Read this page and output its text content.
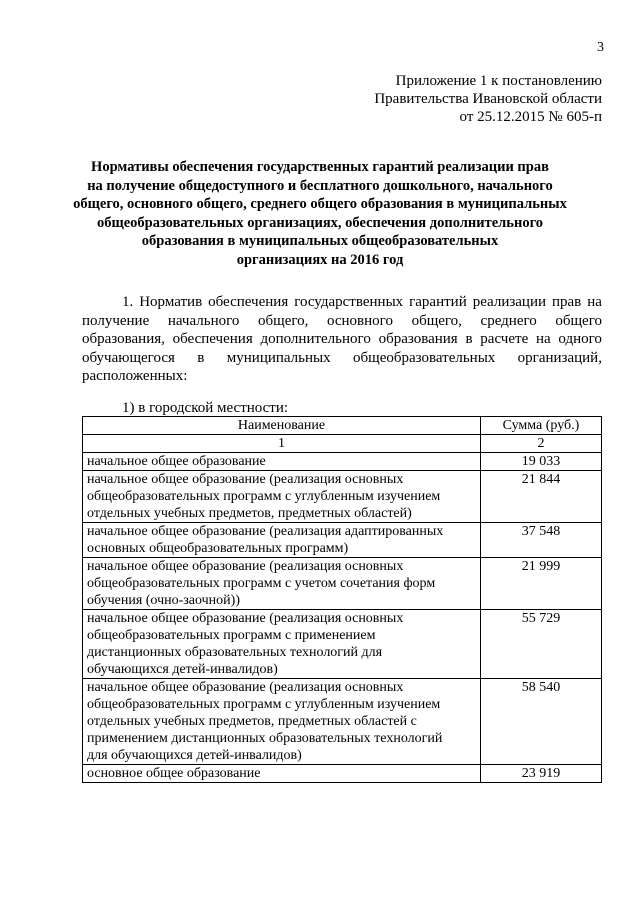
3
Приложение 1 к постановлению
Правительства Ивановской области
от 25.12.2015 № 605-п
Нормативы обеспечения государственных гарантий реализации прав
на получение общедоступного и бесплатного дошкольного, начального
общего, основного общего, среднего общего образования в муниципальных
общеобразовательных организациях, обеспечения дополнительного
образования в муниципальных общеобразовательных
организациях на 2016 год
1. Норматив обеспечения государственных гарантий реализации прав на
получение начального общего, основного общего, среднего общего
образования, обеспечения дополнительного образования в расчете на одного
обучающегося в муниципальных общеобразовательных организаций,
расположенных:
1) в городской местности:
Наименование	Сумма (руб.)
1	2

начальное общее образование	19 033

начальное общее образование (реализация основных
общеобразовательных программ с углубленным изучением
отдельных учебных предметов, предметных областей)	21 844

начальное общее образование (реализация адаптированных
основных общеобразовательных программ)	37 548

начальное общее образование (реализация основных
общеобразовательных программ с учетом сочетания форм
обучения (очно-заочной))	21 999

начальное общее образование (реализация основных
общеобразовательных программ с применением
дистанционных образовательных технологий для
обучающихся детей-инвалидов)	55 729

начальное общее образование (реализация основных
общеобразовательных программ с углубленным изучением
отдельных учебных предметов, предметных областей с
применением дистанционных образовательных технологий
для обучающихся детей-инвалидов)	58 540

основное общее образование	23 919
